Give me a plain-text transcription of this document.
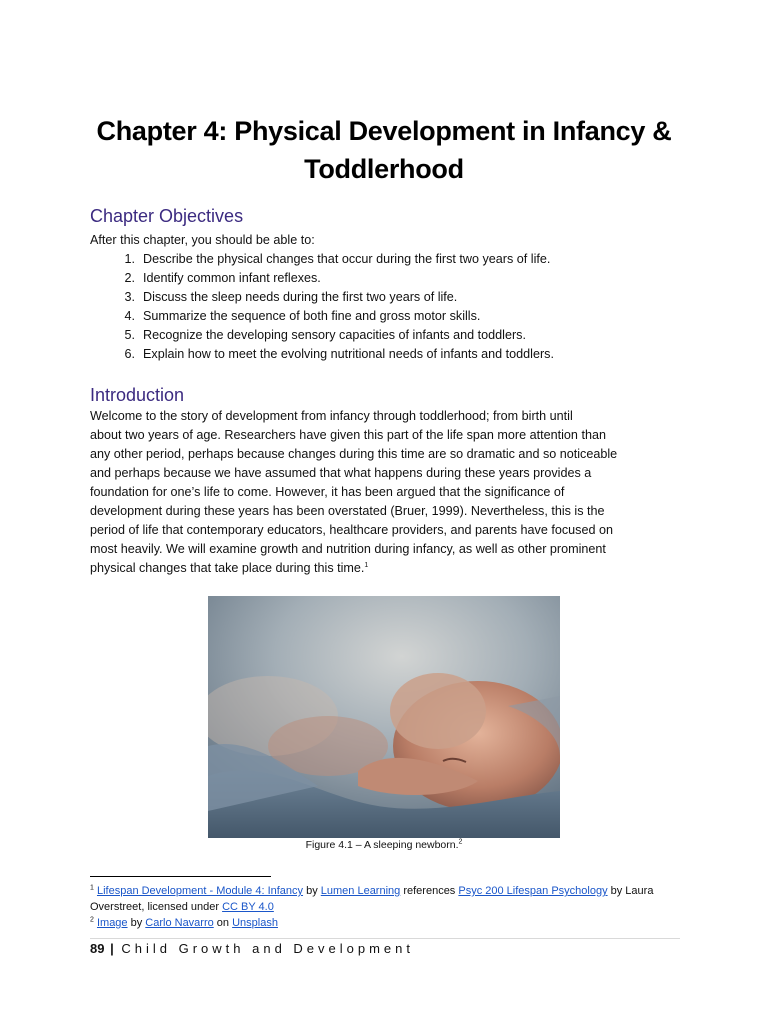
Chapter 4: Physical Development in Infancy &
Toddlerhood
Chapter Objectives
After this chapter, you should be able to:
1. Describe the physical changes that occur during the first two years of life.
2. Identify common infant reflexes.
3. Discuss the sleep needs during the first two years of life.
4. Summarize the sequence of both fine and gross motor skills.
5. Recognize the developing sensory capacities of infants and toddlers.
6. Explain how to meet the evolving nutritional needs of infants and toddlers.
Introduction
Welcome to the story of development from infancy through toddlerhood; from birth until
about two years of age. Researchers have given this part of the life span more attention than
any other period, perhaps because changes during this time are so dramatic and so noticeable
and perhaps because we have assumed that what happens during these years provides a
foundation for one’s life to come. However, it has been argued that the significance of
development during these years has been overstated (Bruer, 1999). Nevertheless, this is the
period of life that contemporary educators, healthcare providers, and parents have focused on
most heavily. We will examine growth and nutrition during infancy, as well as other prominent
physical changes that take place during this time.$^1$
Figure 4.1 – A sleeping newborn.$^2$
$^1$ Lifespan Development - Module 4: Infancy by Lumen Learning references Psyc 200 Lifespan Psychology by Laura
Overstreet, licensed under CC BY 4.0
$^2$ Image by Carlo Navarro on Unsplash
89 | Child Growth and Development
